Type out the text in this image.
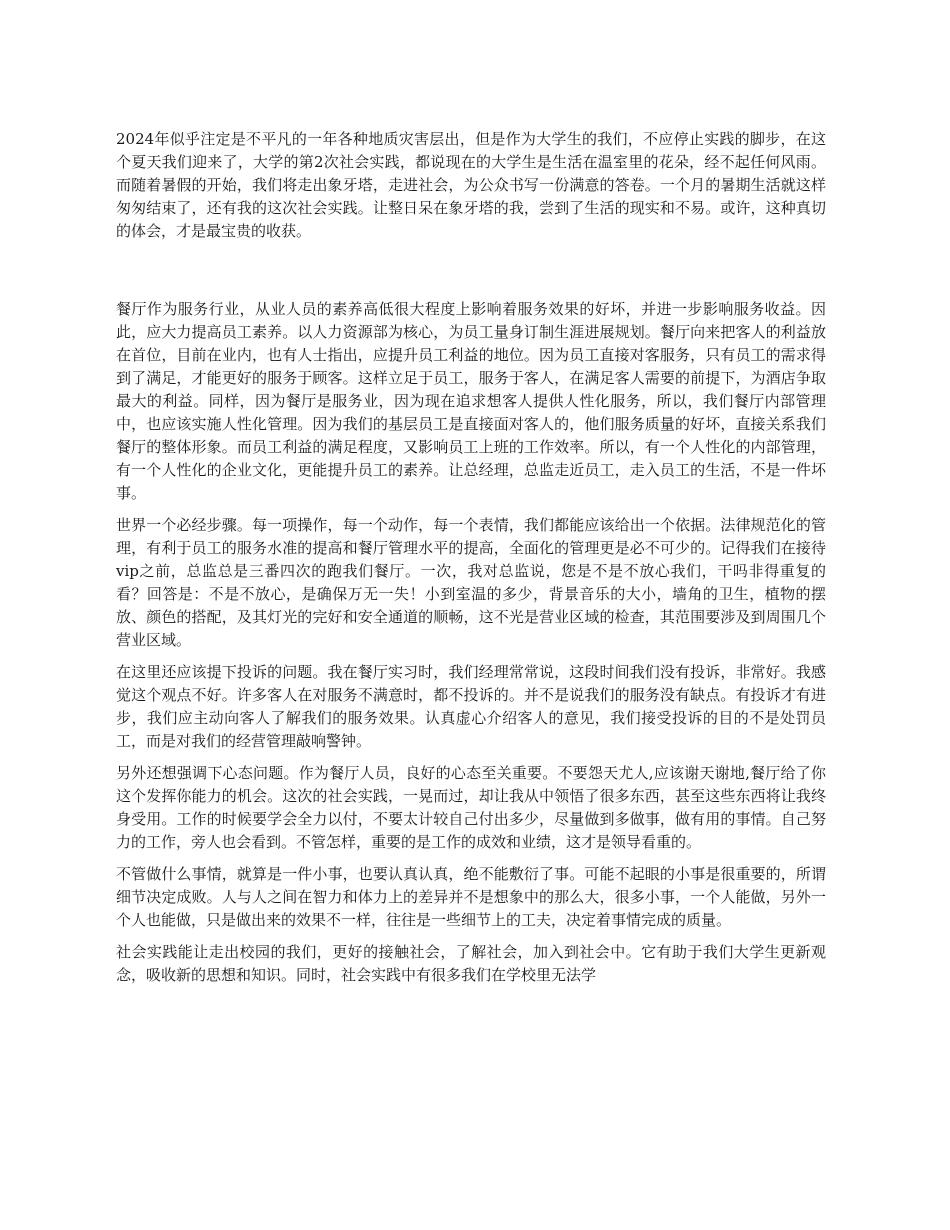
2024年似乎注定是不平凡的一年各种地质灾害层出，但是作为大学生的我们，不应停止实践的脚步，在这个夏天我们迎来了，大学的第2次社会实践，都说现在的大学生是生活在温室里的花朵，经不起任何风雨。而随着暑假的开始，我们将走出象牙塔，走进社会，为公众书写一份满意的答卷。一个月的暑期生活就这样匆匆结束了，还有我的这次社会实践。让整日呆在象牙塔的我，尝到了生活的现实和不易。或许，这种真切的体会，才是最宝贵的收获。

餐厅作为服务行业，从业人员的素养高低很大程度上影响着服务效果的好坏，并进一步影响服务收益。因此，应大力提高员工素养。以人力资源部为核心，为员工量身订制生涯进展规划。餐厅向来把客人的利益放在首位，目前在业内，也有人士指出，应提升员工利益的地位。因为员工直接对客服务，只有员工的需求得到了满足，才能更好的服务于顾客。这样立足于员工，服务于客人，在满足客人需要的前提下，为酒店争取最大的利益。同样，因为餐厅是服务业，因为现在追求想客人提供人性化服务，所以，我们餐厅内部管理中，也应该实施人性化管理。因为我们的基层员工是直接面对客人的，他们服务质量的好坏，直接关系我们餐厅的整体形象。而员工利益的满足程度，又影响员工上班的工作效率。所以，有一个人性化的内部管理，有一个人性化的企业文化，更能提升员工的素养。让总经理，总监走近员工，走入员工的生活，不是一件坏事。

世界一个必经步骤。每一项操作，每一个动作，每一个表情，我们都能应该给出一个依据。法律规范化的管理，有利于员工的服务水准的提高和餐厅管理水平的提高，全面化的管理更是必不可少的。记得我们在接待vip之前，总监总是三番四次的跑我们餐厅。一次，我对总监说，您是不是不放心我们，干吗非得重复的看？回答是：不是不放心，是确保万无一失！小到室温的多少，背景音乐的大小，墙角的卫生，植物的摆放、颜色的搭配，及其灯光的完好和安全通道的顺畅，这不光是营业区域的检查，其范围要涉及到周围几个营业区域。

在这里还应该提下投诉的问题。我在餐厅实习时，我们经理常常说，这段时间我们没有投诉，非常好。我感觉这个观点不好。许多客人在对服务不满意时，都不投诉的。并不是说我们的服务没有缺点。有投诉才有进步，我们应主动向客人了解我们的服务效果。认真虚心介绍客人的意见，我们接受投诉的目的不是处罚员工，而是对我们的经营管理敲响警钟。

另外还想强调下心态问题。作为餐厅人员，良好的心态至关重要。不要怨天尤人,应该谢天谢地,餐厅给了你这个发挥你能力的机会。这次的社会实践，一晃而过，却让我从中领悟了很多东西，甚至这些东西将让我终身受用。工作的时候要学会全力以付，不要太计较自己付出多少，尽量做到多做事，做有用的事情。自己努力的工作，旁人也会看到。不管怎样，重要的是工作的成效和业绩，这才是领导看重的。

不管做什么事情，就算是一件小事，也要认真认真，绝不能敷衍了事。可能不起眼的小事是很重要的，所谓细节决定成败。人与人之间在智力和体力上的差异并不是想象中的那么大，很多小事，一个人能做，另外一个人也能做，只是做出来的效果不一样，往往是一些细节上的工夫，决定着事情完成的质量。

社会实践能让走出校园的我们，更好的接触社会，了解社会，加入到社会中。它有助于我们大学生更新观念，吸收新的思想和知识。同时，社会实践中有很多我们在学校里无法学
